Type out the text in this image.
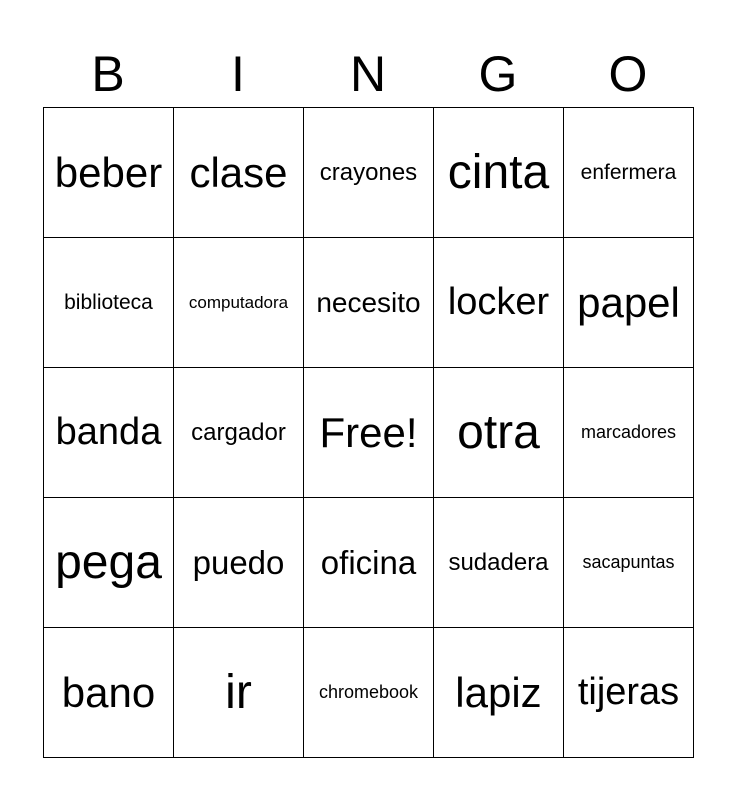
B	I	N	G	O
beber clase crayones cinta enfermera
biblioteca computadora necesito locker papel
banda cargador Free! otra marcadores
pega puedo oficina sudadera sacapuntas
bano ir	chromebook lapiz tijeras
